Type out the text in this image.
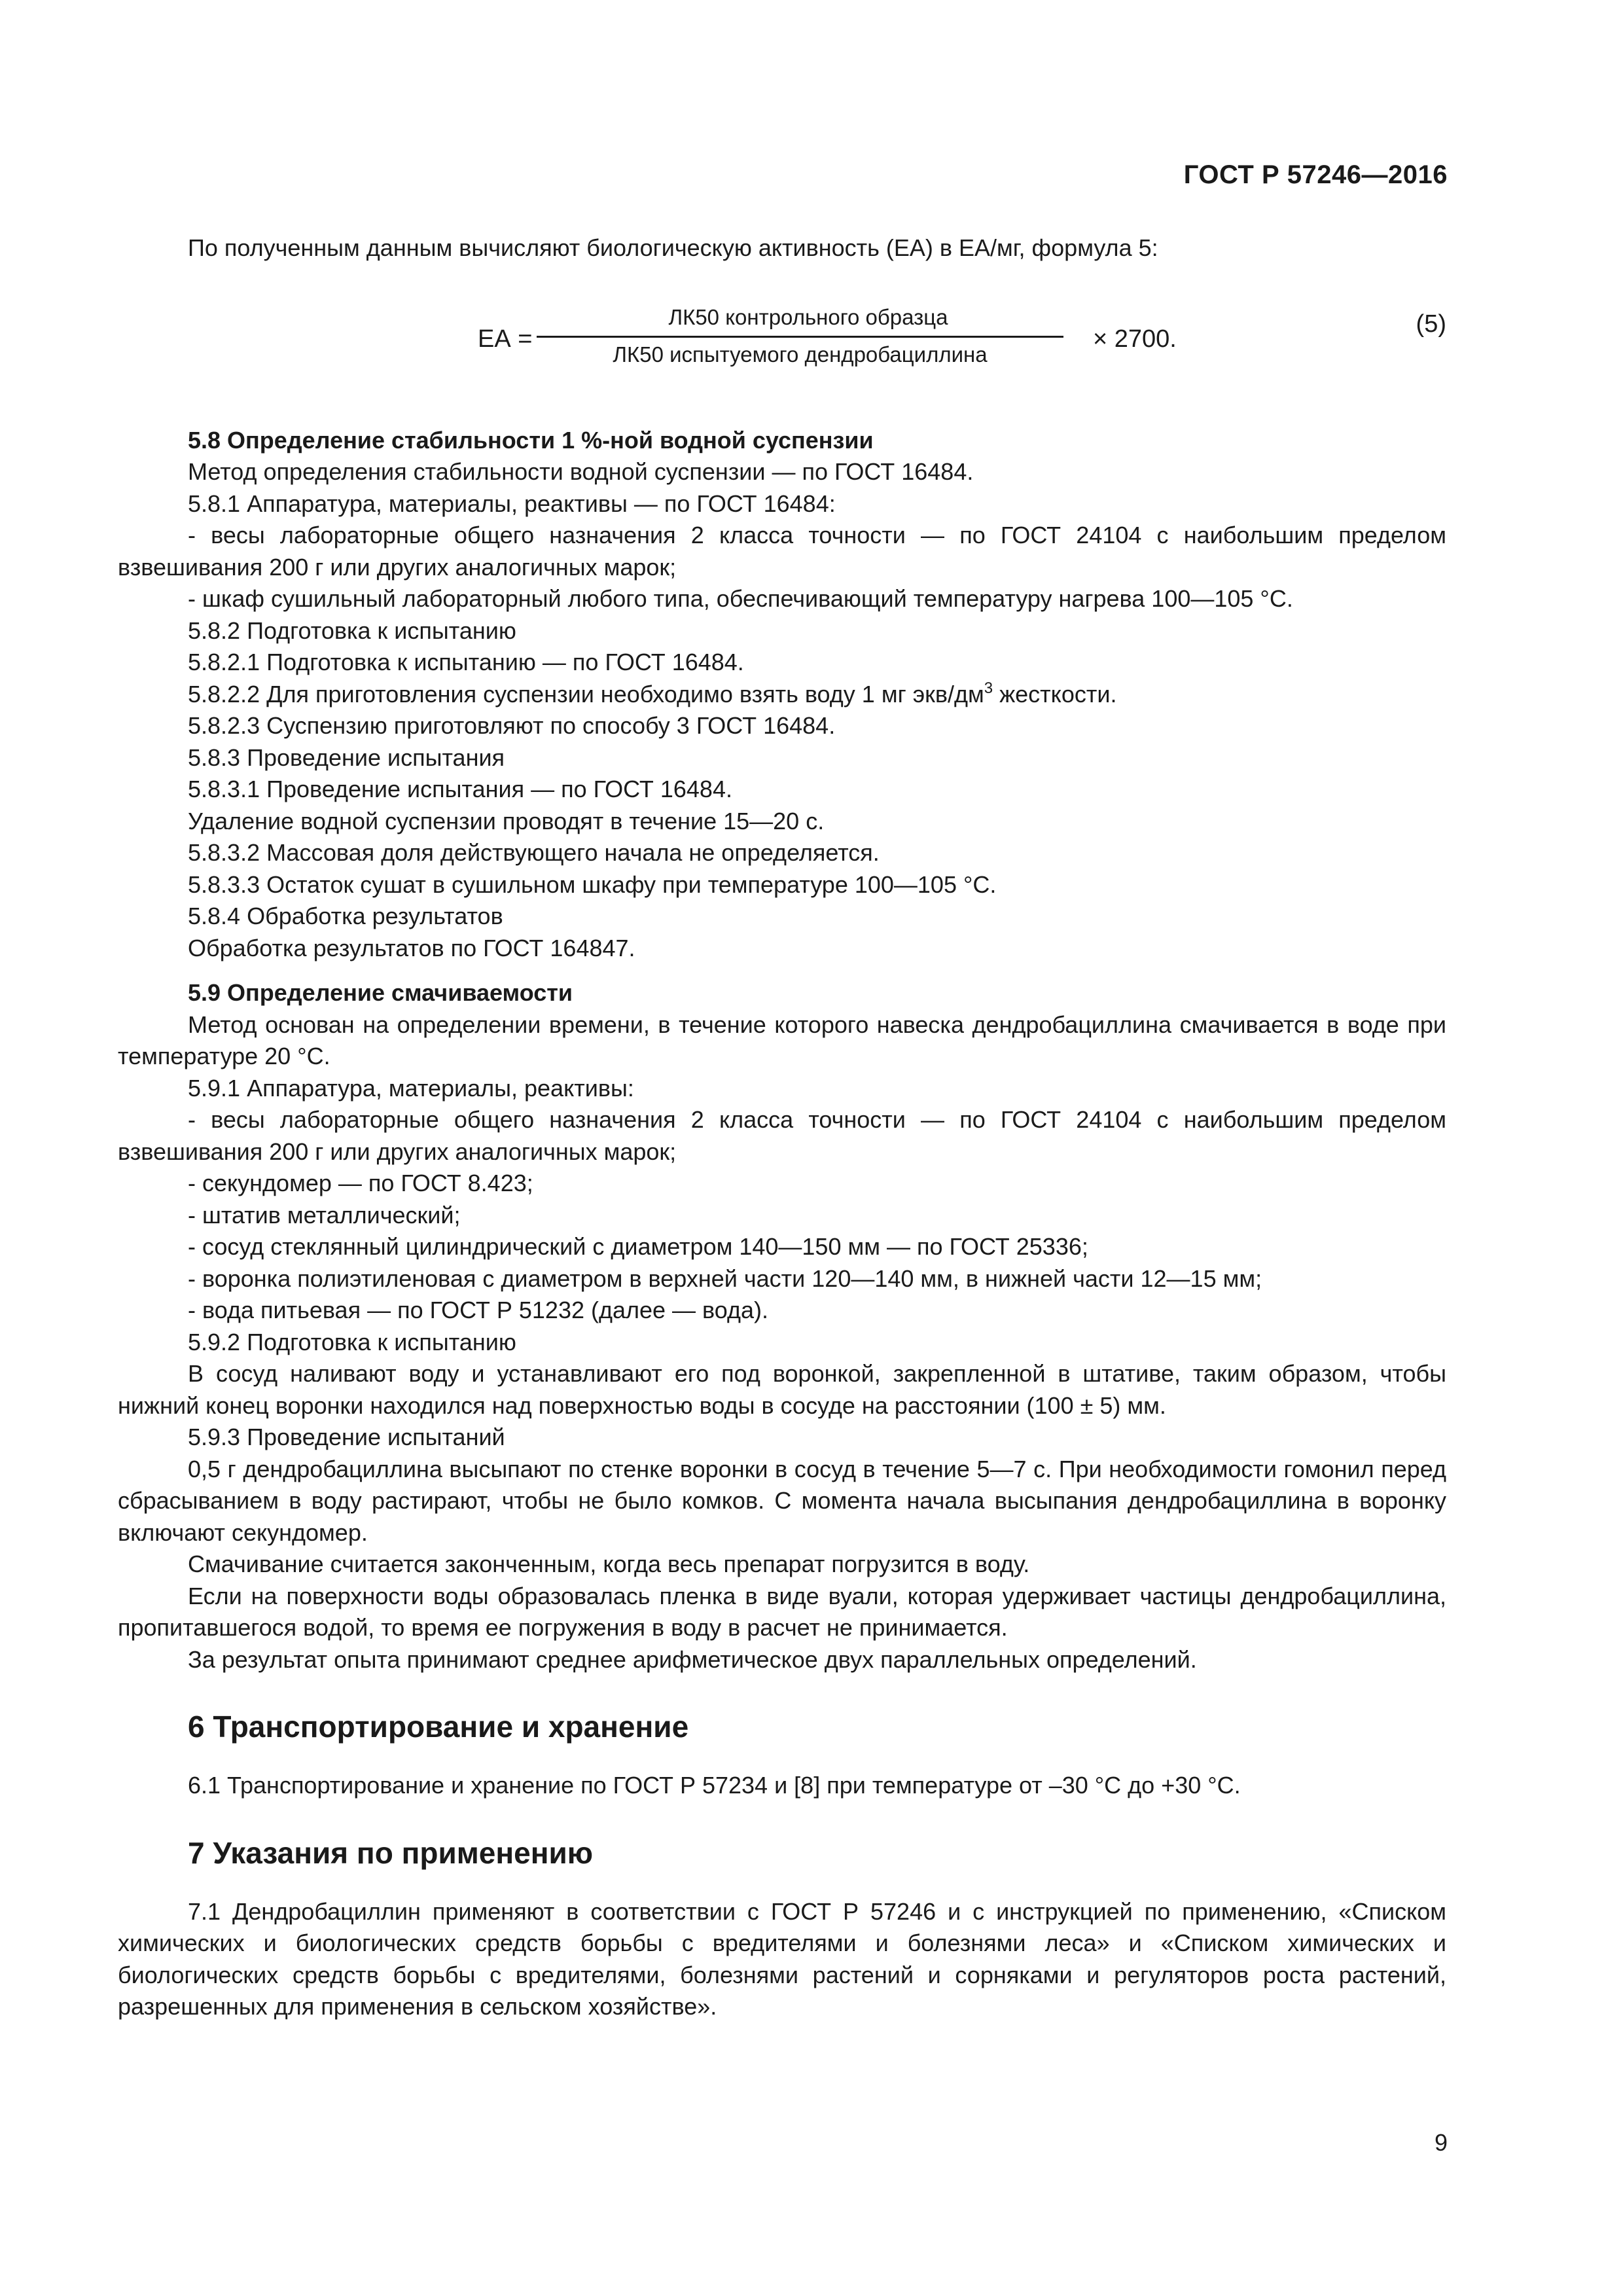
ГОСТ Р 57246—2016

По полученным данным вычисляют биологическую активность (ЕА) в ЕА/мг, формула 5:

ЕА =
ЛК50 контрольного образца
ЛК50 испытуемого дендробациллина
× 2700.
(5)

5.8 Определение стабильности 1 %-ной водной суспензии

Метод определения стабильности водной суспензии — по ГОСТ 16484.

5.8.1 Аппаратура, материалы, реактивы — по ГОСТ 16484:

- весы лабораторные общего назначения 2 класса точности — по ГОСТ 24104 с наибольшим пределом взвешивания 200 г или других аналогичных марок;

- шкаф сушильный лабораторный любого типа, обеспечивающий температуру нагрева 100—105 °С.

5.8.2 Подготовка к испытанию

5.8.2.1 Подготовка к испытанию — по ГОСТ 16484.

5.8.2.2 Для приготовления суспензии необходимо взять воду 1 мг экв/$дм^3$ жесткости.

5.8.2.3 Суспензию приготовляют по способу 3 ГОСТ 16484.

5.8.3 Проведение испытания

5.8.3.1 Проведение испытания — по ГОСТ 16484.

Удаление водной суспензии проводят в течение 15—20 с.

5.8.3.2 Массовая доля действующего начала не определяется.

5.8.3.3 Остаток сушат в сушильном шкафу при температуре 100—105 °С.

5.8.4 Обработка результатов

Обработка результатов по ГОСТ 164847.

5.9 Определение смачиваемости

Метод основан на определении времени, в течение которого навеска дендробациллина смачивается в воде при температуре 20 °С.

5.9.1 Аппаратура, материалы, реактивы:

- весы лабораторные общего назначения 2 класса точности — по ГОСТ 24104 с наибольшим пределом взвешивания 200 г или других аналогичных марок;

- секундомер — по ГОСТ 8.423;

- штатив металлический;

- сосуд стеклянный цилиндрический с диаметром 140—150 мм — по ГОСТ 25336;

- воронка полиэтиленовая с диаметром в верхней части 120—140 мм, в нижней части 12—15 мм;

- вода питьевая — по ГОСТ Р 51232 (далее — вода).

5.9.2 Подготовка к испытанию

В сосуд наливают воду и устанавливают его под воронкой, закрепленной в штативе, таким образом, чтобы нижний конец воронки находился над поверхностью воды в сосуде на расстоянии (100 ± 5) мм.

5.9.3 Проведение испытаний

0,5 г дендробациллина высыпают по стенке воронки в сосуд в течение 5—7 с. При необходимости гомонил перед сбрасыванием в воду растирают, чтобы не было комков. С момента начала высыпания дендробациллина в воронку включают секундомер.

Смачивание считается законченным, когда весь препарат погрузится в воду.

Если на поверхности воды образовалась пленка в виде вуали, которая удерживает частицы дендробациллина, пропитавшегося водой, то время ее погружения в воду в расчет не принимается.

За результат опыта принимают среднее арифметическое двух параллельных определений.

6 Транспортирование и хранение

6.1 Транспортирование и хранение по ГОСТ Р 57234 и [8] при температуре от –30 °С до +30 °С.

7 Указания по применению

7.1 Дендробациллин применяют в соответствии с ГОСТ Р 57246 и с инструкцией по применению, «Списком химических и биологических средств борьбы с вредителями и болезнями леса» и «Списком химических и биологических средств борьбы с вредителями, болезнями растений и сорняками и регуляторов роста растений, разрешенных для применения в сельском хозяйстве».

9
